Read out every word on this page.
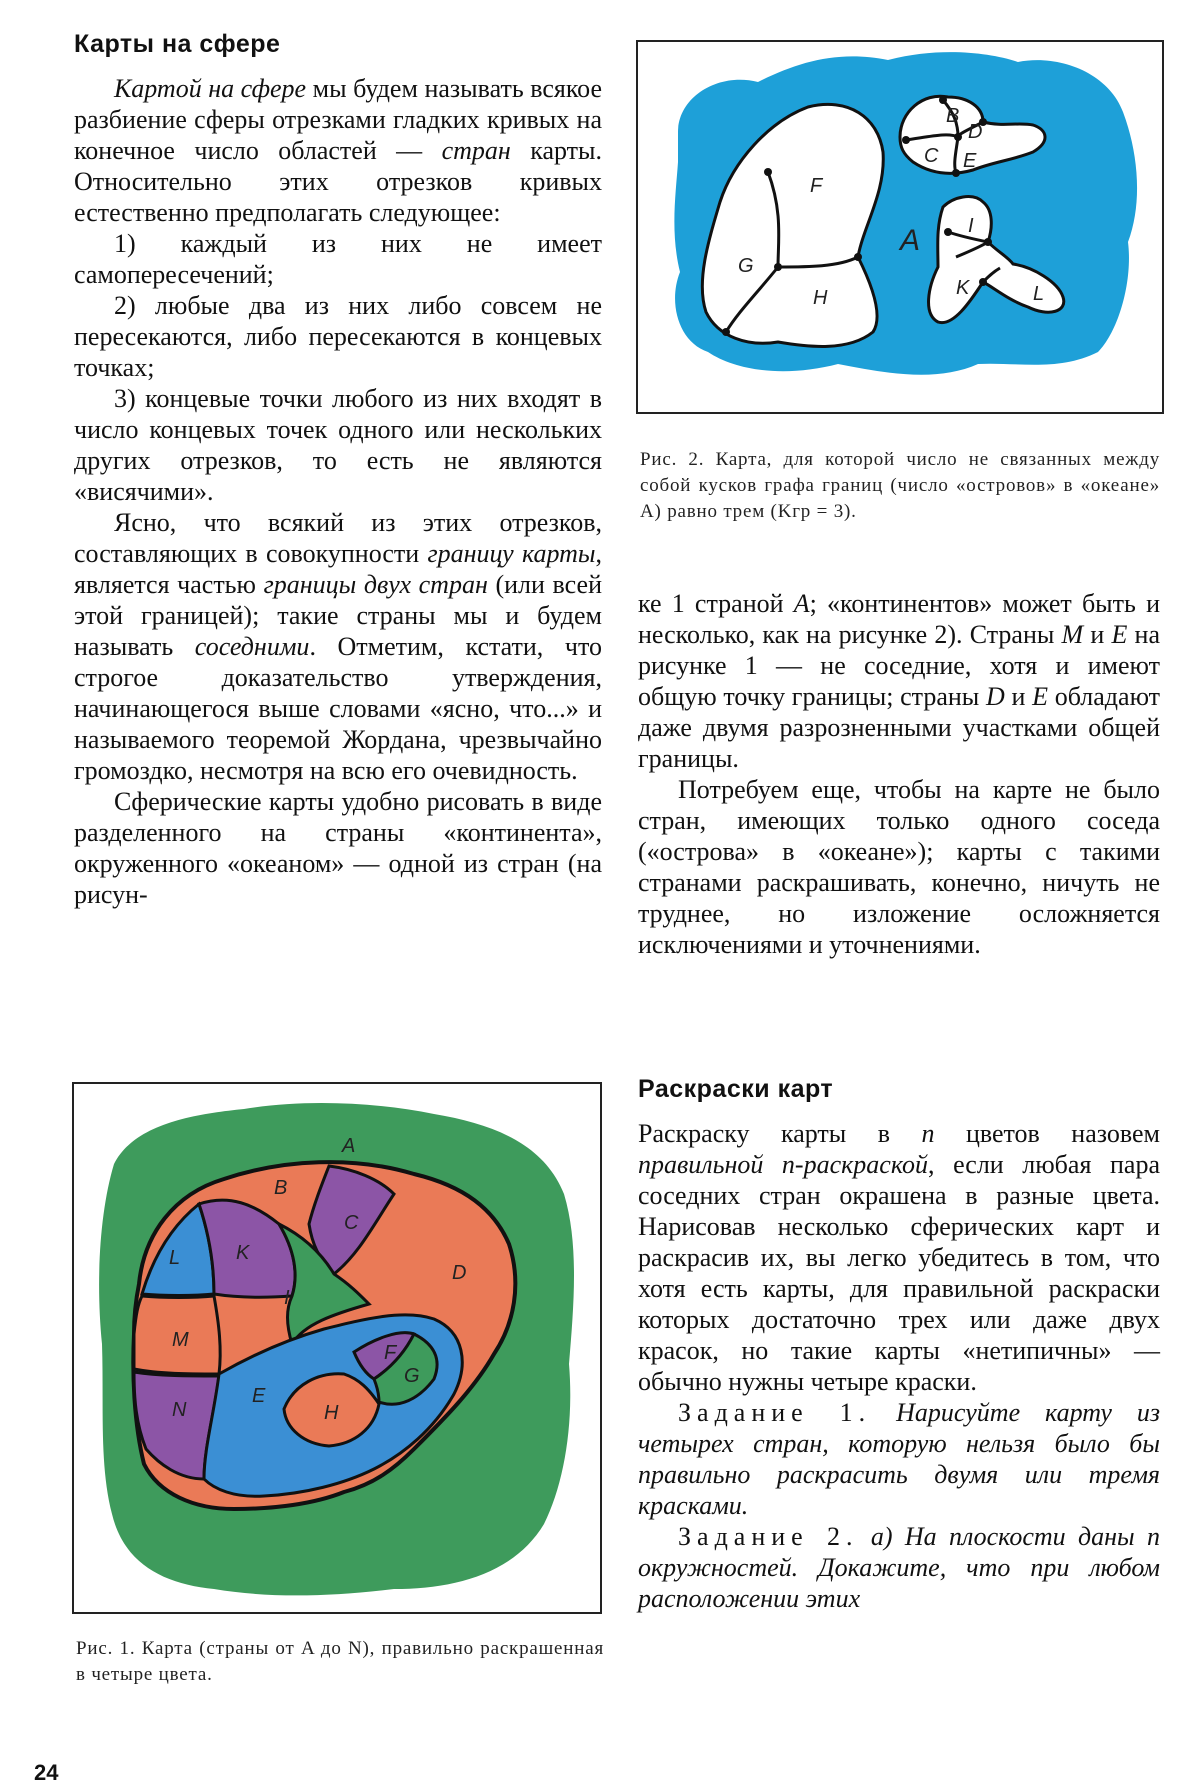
Карты на сфере

Картой на сфере мы будем называть всякое разбиение сферы отрезками гладких кривых на конечное число областей — стран карты. Относительно этих отрезков кривых естественно предполагать следующее:

1) каждый из них не имеет самопересечений;

2) любые два из них либо совсем не пересекаются, либо пересекаются в концевых точках;

3) концевые точки любого из них входят в число концевых точек одного или нескольких других отрезков, то есть не являются «висячими».

Ясно, что всякий из этих отрезков, составляющих в совокупности границу карты, является частью границы двух стран (или всей этой границей); такие страны мы и будем называть соседними. Отметим, кстати, что строгое доказательство утверждения, начинающегося выше словами «ясно, что...» и называемого теоремой Жордана, чрезвычайно громоздко, несмотря на всю его очевидность.

Сферические карты удобно рисовать в виде разделенного на страны «континента», окруженного «океаном» — одной из стран (на рисун-

B
D
C E
F
G
H
A I
K	L
Рис. 2. Карта, для которой число не связанных между собой кусков графа границ (число «островов» в «океане» A) равно трем (Kгр = 3).

ке 1 страной A; «континентов» может быть и несколько, как на рисунке 2). Страны M и E на рисунке 1 — не соседние, хотя и имеют общую точку границы; страны D и E обладают даже двумя разрозненными участками общей границы.

Потребуем еще, чтобы на карте не было стран, имеющих только одного соседа («острова» в «океане»); карты с такими странами раскрашивать, конечно, ничуть не труднее, но изложение осложняется исключениями и уточнениями.

Раскраски карт

Раскраску карты в n цветов назовем правильной n-раскраской, если любая пара соседних стран окрашена в разные цвета. Нарисовав несколько сферических карт и раскрасив их, вы легко убедитесь в том, что хотя есть карты, для правильной раскраски которых достаточно трех или даже двух красок, но такие карты «нетипичны» — обычно нужны четыре краски.

Задание 1. Нарисуйте карту из четырех стран, которую нельзя было бы правильно раскрасить двумя или тремя красками.

Задание 2. а) На плоскости даны n окружностей. Докажите, что при любом расположении этих

A
B
C
D
K
L
I
M
F
G
N
E
H
Рис. 1. Карта (страны от A до N), правильно раскрашенная в четыре цвета.
24
